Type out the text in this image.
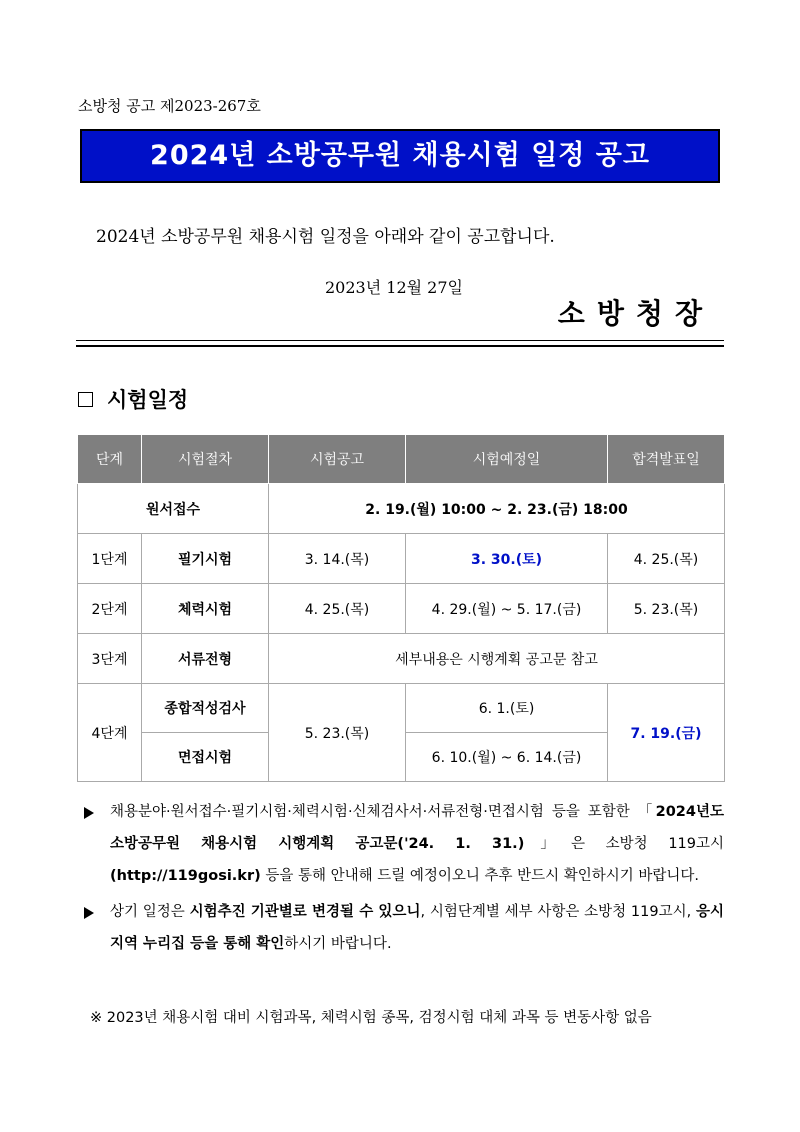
소방청 공고 제2023-267호
2024년 소방공무원 채용시험 일정 공고
2024년 소방공무원 채용시험 일정을 아래와 같이 공고합니다.
2023년 12월 27일
소방청장
시험일정
단계	시험절차	시험공고	시험예정일	합격발표일
원서접수		2. 19.(월) 10:00 ~ 2. 23.(금) 18:00		
1단계	필기시험	3. 14.(목)	3. 30.(토)	4. 25.(목)
2단계	체력시험	4. 25.(목)	4. 29.(월) ~ 5. 17.(금)	5. 23.(목)
3단계	서류전형	세부내용은 시행계획 공고문 참고		
4단계	종합적성검사	5. 23.(목)	6. 1.(토)	7. 19.(금)
	면접시험		6. 10.(월) ~ 6. 14.(금)	
채용분야·원서접수·필기시험·체력시험·신체검사서·서류전형·면접시험 등을 포함한 「2024년도 소방공무원 채용시험 시행계획 공고문('24. 1. 31.)」은 소방청 119고시 (http://119gosi.kr) 등을 통해 안내해 드릴 예정이오니 추후 반드시 확인하시기 바랍니다.
상기 일정은 시험추진 기관별로 변경될 수 있으니, 시험단계별 세부 사항은 소방청 119고시, 응시지역 누리집 등을 통해 확인하시기 바랍니다.
※ 2023년 채용시험 대비 시험과목, 체력시험 종목, 검정시험 대체 과목 등 변동사항 없음
